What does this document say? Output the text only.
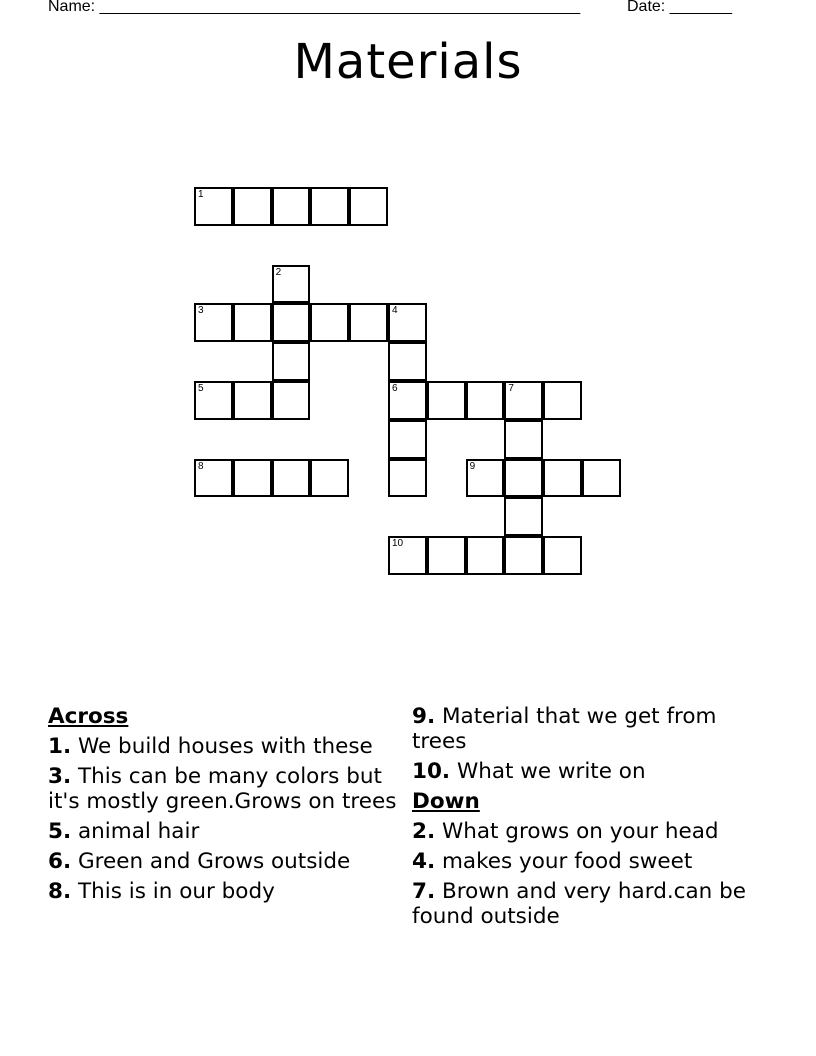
Name: ______________________________________________________	Date: _______
Materials
1
2
3	4
5	6	7
8	9
10
Across
1. We build houses with these
3. This can be many colors but it's mostly green.Grows on trees
5. animal hair
6. Green and Grows outside
8. This is in our body
9. Material that we get from trees
10. What we write on
Down
2. What grows on your head
4. makes your food sweet
7. Brown and very hard.can be found outside
